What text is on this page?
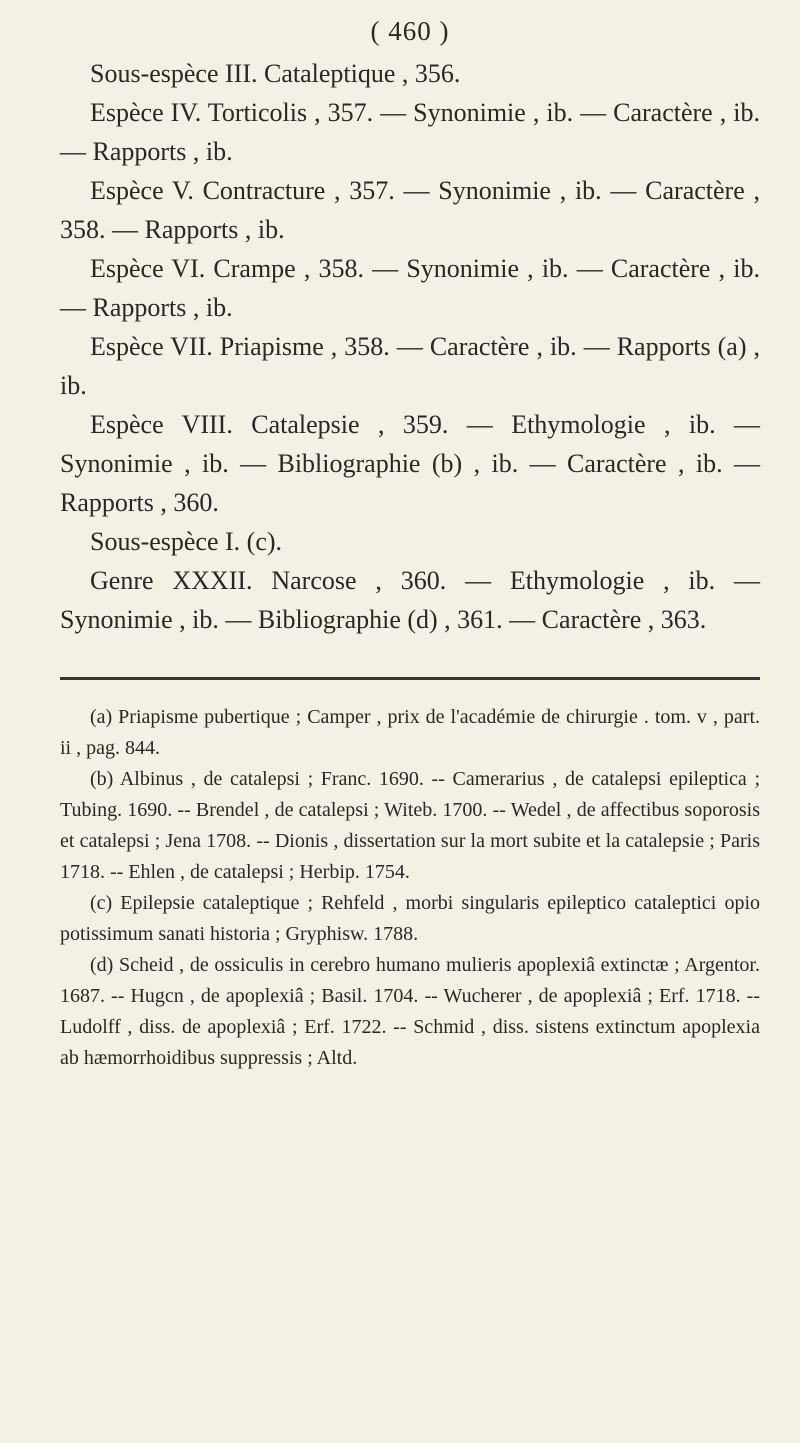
( 460 )

Sous-espèce III. Cataleptique , 356.

Espèce IV. Torticolis , 357. — Synonimie , ib. — Caractère , ib. — Rapports , ib.

Espèce V. Contracture , 357. — Synonimie , ib. — Caractère , 358. — Rapports , ib.

Espèce VI. Crampe , 358. — Synonimie , ib. — Caractère , ib. — Rapports , ib.

Espèce VII. Priapisme , 358. — Caractère , ib. — Rapports (a) , ib.

Espèce VIII. Catalepsie , 359. — Ethymologie , ib. — Synonimie , ib. — Bibliographie (b) , ib. — Caractère , ib. — Rapports , 360.

Sous-espèce I. (c).

Genre XXXII. Narcose , 360. — Ethymologie , ib. — Synonimie , ib. — Bibliographie (d) , 361. — Caractère , 363.

(a) Priapisme pubertique ; Camper , prix de l'académie de chirurgie . tom. v , part. ii , pag. 844.

(b) Albinus , de catalepsi ; Franc. 1690. -- Camerarius , de catalepsi epileptica ; Tubing. 1690. -- Brendel , de catalepsi ; Witeb. 1700. -- Wedel , de affectibus soporosis et catalepsi ; Jena 1708. -- Dionis , dissertation sur la mort subite et la catalepsie ; Paris 1718. -- Ehlen , de catalepsi ; Herbip. 1754.

(c) Epilepsie cataleptique ; Rehfeld , morbi singularis epileptico cataleptici opio potissimum sanati historia ; Gryphisw. 1788.

(d) Scheid , de ossiculis in cerebro humano mulieris apoplexiâ extinctæ ; Argentor. 1687. -- Hugcn , de apoplexiâ ; Basil. 1704. -- Wucherer , de apoplexiâ ; Erf. 1718. -- Ludolff , diss. de apoplexiâ ; Erf. 1722. -- Schmid , diss. sistens extinctum apoplexia ab hæmorrhoidibus suppressis ; Altd.
